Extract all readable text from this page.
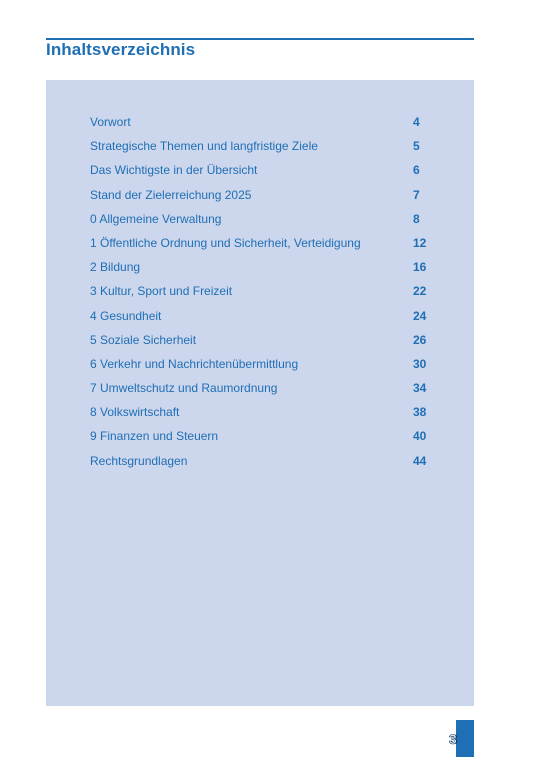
Inhaltsverzeichnis
Vorwort	4
Strategische Themen und langfristige Ziele	5
Das Wichtigste in der Übersicht	6
Stand der Zielerreichung 2025	7
0 Allgemeine Verwaltung	8
1 Öffentliche Ordnung und Sicherheit, Verteidigung	12
2 Bildung	16
3 Kultur, Sport und Freizeit	22
4 Gesundheit	24
5 Soziale Sicherheit	26
6 Verkehr und Nachrichtenübermittlung	30
7 Umweltschutz und Raumordnung	34
8 Volkswirtschaft	38
9 Finanzen und Steuern	40
Rechtsgrundlagen	44
3
